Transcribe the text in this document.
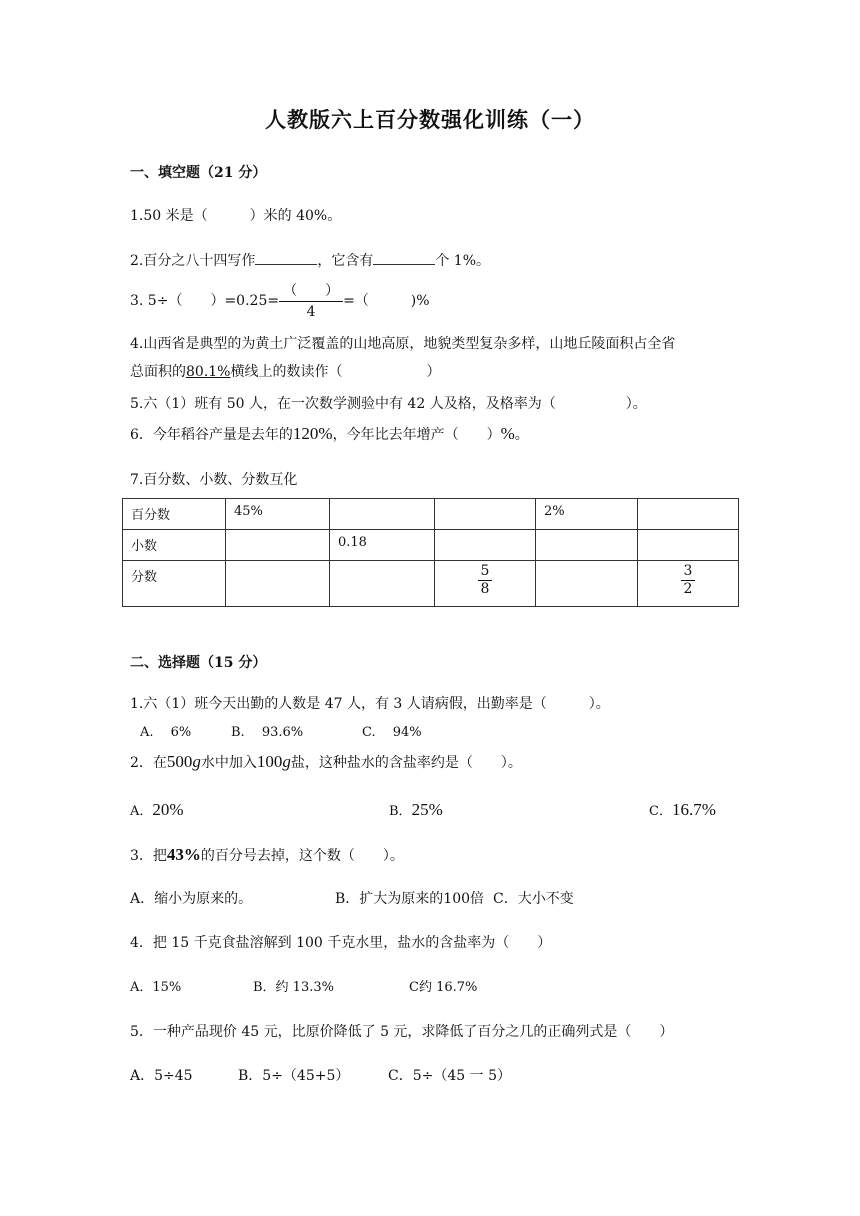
人教版六上百分数强化训练（一）
一、填空题（21 分）
1.50 米是（　　　）米的 40%。
2.百分之八十四写作	，它含有	个 1%。
3. 5÷（　　）$=0.25= \frac{( )}{4}$ =（　　　)%
4.山西省是典型的为黄土广泛覆盖的山地高原，地貌类型复杂多样，山地丘陵面积占全省
总面积的80.1%横线上的数读作（　　　　　　）
5.六（1）班有 50 人，在一次数学测验中有 42 人及格，及格率为（　　　　　）。
6．今年稻谷产量是去年的120%，今年比去年增产（　　）%。
7.百分数、小数、分数互化
百分数	45%			2%	
小数		0.18			
分数			$\frac{5}{8}$		$\frac{3}{2}$
二、选择题（15 分）
1.六（1）班今天出勤的人数是 47 人，有 3 人请病假，出勤率是（　　　）。
A.　 6%	B.　 93.6%	C.　 94%
2．在500g水中加入100g盐，这种盐水的含盐率约是（　　）。
A．20%	B．25%	C．16.7%
3．把43%的百分号去掉，这个数（　　）。
A．缩小为原来的。	B．扩大为原来的100倍 C．大小不变
4．把 15 千克食盐溶解到 100 千克水里，盐水的含盐率为（　　）
A．15%	B．约 13.3%	C约 16.7%
5．一种产品现价 45 元，比原价降低了 5 元，求降低了百分之几的正确列式是（　　）
A．5÷45	B．5÷（45+5）	C．5÷（45 一 5）
